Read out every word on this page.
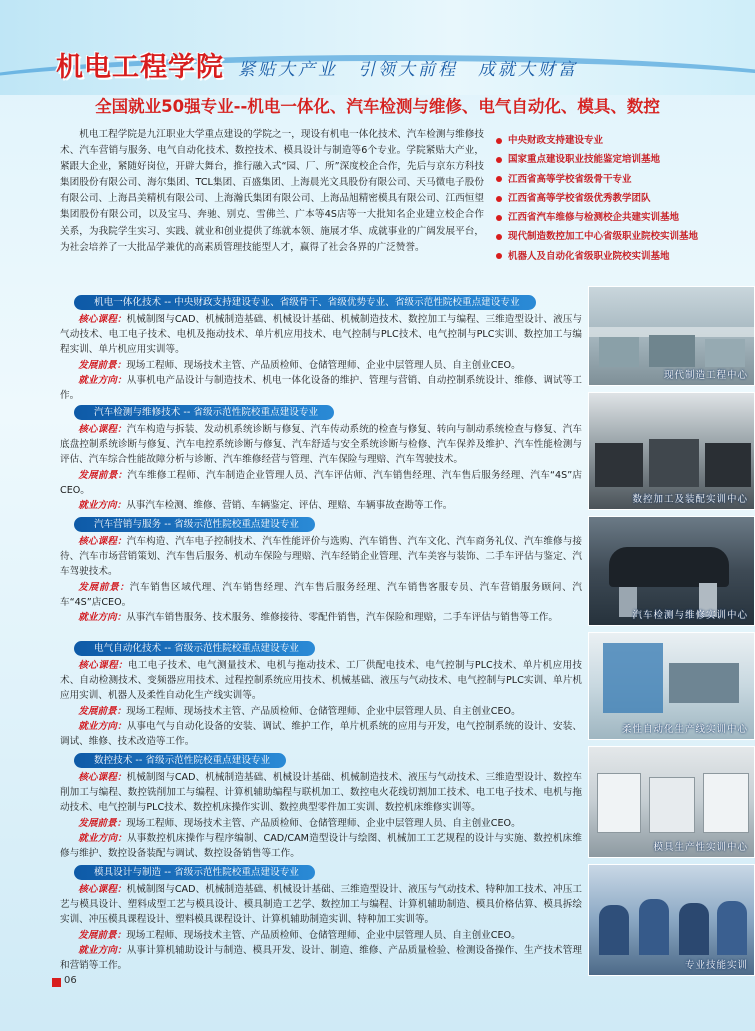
机电工程学院 紧贴大产业　引领大前程　成就大财富
全国就业50强专业--机电一体化、汽车检测与维修、电气自动化、模具、数控

机电工程学院是九江职业大学重点建设的学院之一，现设有机电一体化技术、汽车检测与维修技术、汽车营销与服务、电气自动化技术、数控技术、模具设计与制造等6个专业。学院紧贴大产业，紧跟大企业，紧随好岗位，开辟大舞台，推行融入式“园、厂、所”深度校企合作，先后与京东方科技集团股份有限公司、海尔集团、TCL集团、百盛集团、上海晨光文具股份有限公司、天马微电子股份有限公司、上海昌美精机有限公司、上海瀚氏集团有限公司、上海品旭精密模具有限公司、江西恒望集团股份有限公司，以及宝马、奔驰、别克、雪佛兰、广本等4S店等一大批知名企业建立校企合作关系，为我院学生实习、实践、就业和创业提供了练就本领、施展才华、成就事业的广阔发展平台，为社会培养了一大批品学兼优的高素质管理技能型人才，赢得了社会各界的广泛赞誉。

中央财政支持建设专业
国家重点建设职业技能鉴定培训基地
江西省高等学校省级骨干专业
江西省高等学校省级优秀教学团队
江西省汽车维修与检测校企共建实训基地
现代制造数控加工中心省级职业院校实训基地
机器人及自动化省级职业院校实训基地
机电一体化技术 -- 中央财政支持建设专业、省级骨干、省级优势专业、省级示范性院校重点建设专业

核心课程：机械制图与CAD、机械制造基础、机械设计基础、机械制造技术、数控加工与编程、三维造型设计、液压与气动技术、电工电子技术、电机及拖动技术、单片机应用技术、电气控制与PLC技术、电气控制与PLC实训、数控加工与编程实训、单片机应用实训等。

发展前景：现场工程师、现场技术主管、产品质检师、仓储管理师、企业中层管理人员、自主创业CEO。

就业方向：从事机电产品设计与制造技术、机电一体化设备的维护、管理与营销、自动控制系统设计、维修、调试等工作。

汽车检测与维修技术 -- 省级示范性院校重点建设专业

核心课程：汽车构造与拆装、发动机系统诊断与修复、汽车传动系统的检查与修复、转向与制动系统检查与修复、汽车底盘控制系统诊断与修复、汽车电控系统诊断与修复、汽车舒适与安全系统诊断与检修、汽车保养及维护、汽车性能检测与评估、汽车综合性能故障分析与诊断、汽车维修经营与管理、汽车保险与理赔、汽车驾驶技术。

发展前景：汽车维修工程师、汽车制造企业管理人员、汽车评估师、汽车销售经理、汽车售后服务经理、汽车“4S”店CEO。

就业方向：从事汽车检测、维修、营销、车辆鉴定、评估、理赔、车辆事故查勘等工作。

汽车营销与服务 -- 省级示范性院校重点建设专业

核心课程：汽车构造、汽车电子控制技术、汽车性能评价与选购、汽车销售、汽车文化、汽车商务礼仪、汽车维修与接待、汽车市场营销策划、汽车售后服务、机动车保险与理赔、汽车经销企业管理、汽车美容与装饰、二手车评估与鉴定、汽车驾驶技术。

发展前景：汽车销售区域代理、汽车销售经理、汽车售后服务经理、汽车销售客服专员、汽车营销服务顾问、汽车“4S”店CEO。

就业方向：从事汽车销售服务、技术服务、维修接待、零配件销售，汽车保险和理赔，二手车评估与销售等工作。

电气自动化技术 -- 省级示范性院校重点建设专业

核心课程：电工电子技术、电气测量技术、电机与拖动技术、工厂供配电技术、电气控制与PLC技术、单片机应用技术、自动检测技术、变频器应用技术、过程控制系统应用技术、机械基础、液压与气动技术、电气控制与PLC实训、单片机应用实训、机器人及柔性自动化生产线实训等。

发展前景：现场工程师、现场技术主管、产品质检师、仓储管理师、企业中层管理人员、自主创业CEO。

就业方向：从事电气与自动化设备的安装、调试、维护工作，单片机系统的应用与开发，电气控制系统的设计、安装、调试、维修、技术改造等工作。

数控技术 -- 省级示范性院校重点建设专业

核心课程：机械制图与CAD、机械制造基础、机械设计基础、机械制造技术、液压与气动技术、三维造型设计、数控车削加工与编程、数控铣削加工与编程、计算机辅助编程与联机加工、数控电火花线切割加工技术、电工电子技术、电机与拖动技术、电气控制与PLC技术、数控机床操作实训、数控典型零件加工实训、数控机床维修实训等。

发展前景：现场工程师、现场技术主管、产品质检师、仓储管理师、企业中层管理人员、自主创业CEO。

就业方向：从事数控机床操作与程序编制、CAD/CAM造型设计与绘图、机械加工工艺规程的设计与实施、数控机床维修与维护、数控设备装配与调试、数控设备销售等工作。

模具设计与制造 -- 省级示范性院校重点建设专业

核心课程：机械制图与CAD、机械制造基础、机械设计基础、三维造型设计、液压与气动技术、特种加工技术、冲压工艺与模具设计、塑料成型工艺与模具设计、模具制造工艺学、数控加工与编程、计算机辅助制造、模具价格估算、模具拆绘实训、冲压模具课程设计、塑料模具课程设计、计算机辅助制造实训、特种加工实训等。

发展前景：现场工程师、现场技术主管、产品质检师、仓储管理师、企业中层管理人员、自主创业CEO。

就业方向：从事计算机辅助设计与制造、模具开发、设计、制造、维修、产品质量检验、检测设备操作、生产技术管理和营销等工作。

现代制造工程中心
数控加工及装配实训中心
汽车检测与维修实训中心
柔性自动化生产线实训中心
模具生产性实训中心
专业技能实训
06
